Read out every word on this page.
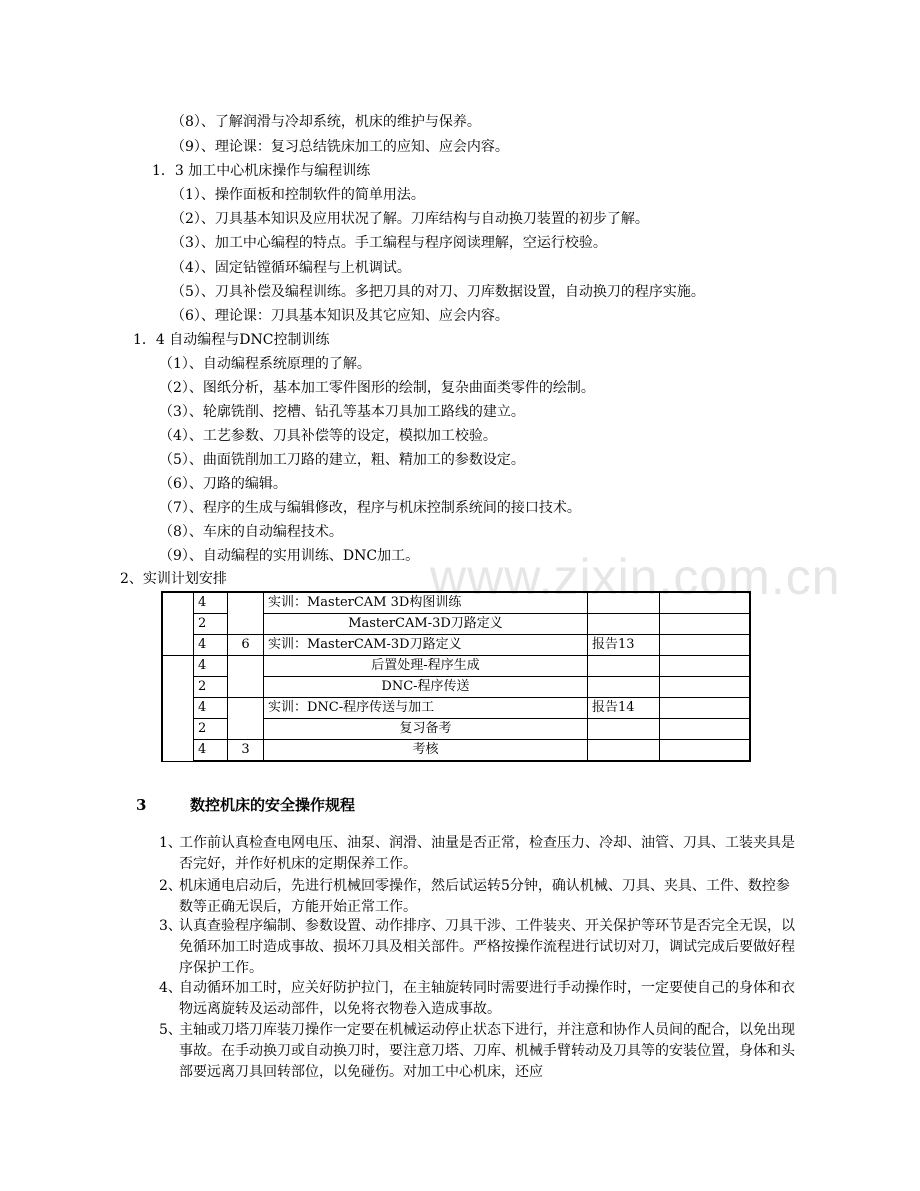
www.zixin.com.cn
（8）、了解润滑与冷却系统，机床的维护与保养。
（9）、理论课：复习总结铣床加工的应知、应会内容。
1．3 加工中心机床操作与编程训练
（1）、操作面板和控制软件的简单用法。
（2）、刀具基本知识及应用状况了解。刀库结构与自动换刀装置的初步了解。
（3）、加工中心编程的特点。手工编程与程序阅读理解，空运行校验。
（4）、固定钻镗循环编程与上机调试。
（5）、刀具补偿及编程训练。多把刀具的对刀、刀库数据设置，自动换刀的程序实施。
（6）、理论课：刀具基本知识及其它应知、应会内容。
1．4 自动编程与DNC控制训练
（1）、自动编程系统原理的了解。
（2）、图纸分析，基本加工零件图形的绘制，复杂曲面类零件的绘制。
（3）、轮廓铣削、挖槽、钻孔等基本刀具加工路线的建立。
（4）、工艺参数、刀具补偿等的设定，模拟加工校验。
（5）、曲面铣削加工刀路的建立，粗、精加工的参数设定。
（6）、刀路的编辑。
（7）、程序的生成与编辑修改，程序与机床控制系统间的接口技术。
（8）、车床的自动编程技术。
（9）、自动编程的实用训练、DNC加工。
2、实训计划安排
	4		实训：MasterCAM 3D构图训练		
	2		MasterCAM-3D刀路定义		
	4	6	实训：MasterCAM-3D刀路定义	报告13	
	4		后置处理-程序生成		
	2		DNC-程序传送		
	4		实训：DNC-程序传送与加工	报告14	
	2		复习备考		
	4	3	考核		
3	数控机床的安全操作规程
1、
工作前认真检查电网电压、油泵、润滑、油量是否正常，检查压力、冷却、油管、刀具、工装夹具是否完好，并作好机床的定期保养工作。
2、
机床通电启动后，先进行机械回零操作，然后试运转5分钟，确认机械、刀具、夹具、工件、数控参数等正确无误后，方能开始正常工作。
3、
认真查验程序编制、参数设置、动作排序、刀具干涉、工件装夹、开关保护等环节是否完全无误，以免循环加工时造成事故、损坏刀具及相关部件。严格按操作流程进行试切对刀，调试完成后要做好程序保护工作。
4、
自动循环加工时，应关好防护拉门，在主轴旋转同时需要进行手动操作时，一定要使自己的身体和衣物远离旋转及运动部件，以免将衣物卷入造成事故。
5、
主轴或刀塔刀库装刀操作一定要在机械运动停止状态下进行，并注意和协作人员间的配合，以免出现事故。在手动换刀或自动换刀时，要注意刀塔、刀库、机械手臂转动及刀具等的安装位置，身体和头部要远离刀具回转部位，以免碰伤。对加工中心机床，还应
